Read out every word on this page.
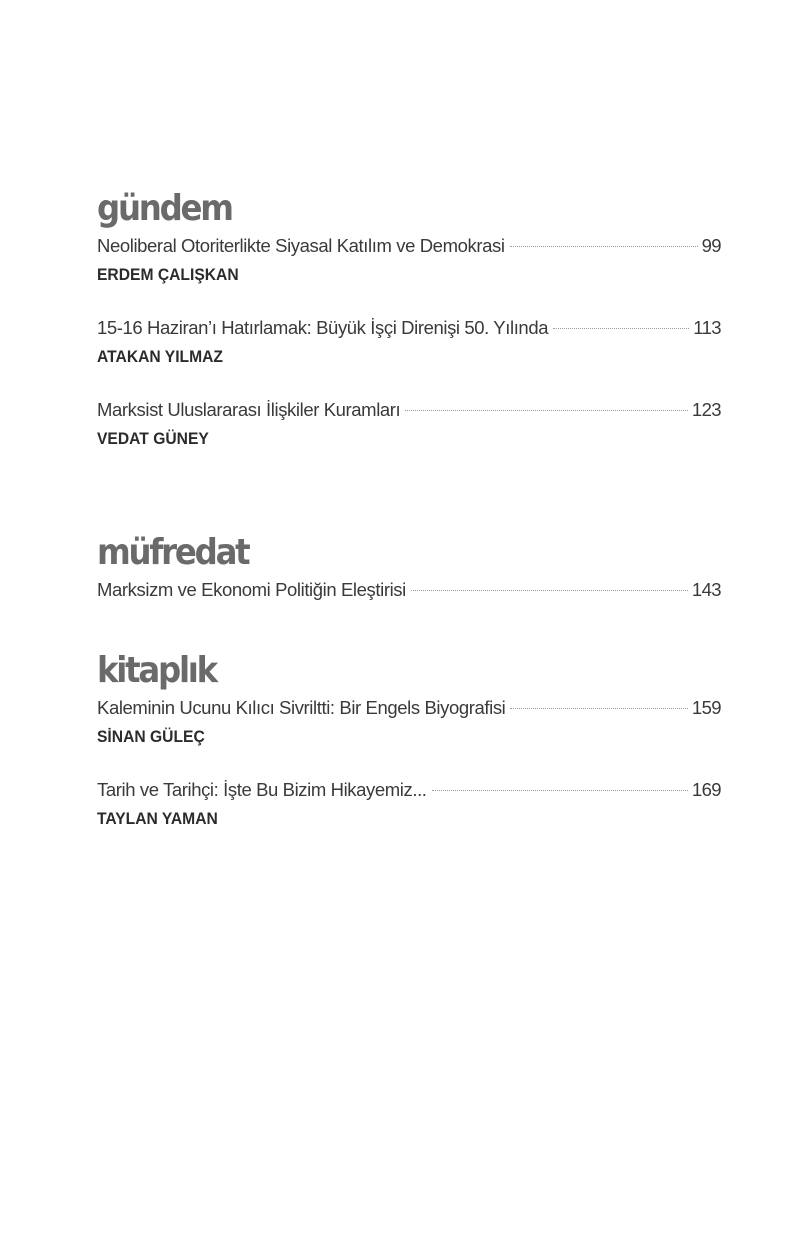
gündem
Neoliberal Otoriterlikte Siyasal Katılım ve Demokrasi	99
ERDEM ÇALIŞKAN
15-16 Haziran’ı Hatırlamak: Büyük İşçi Direnişi 50. Yılında	113
ATAKAN YILMAZ
Marksist Uluslararası İlişkiler Kuramları	123
VEDAT GÜNEY
müfredat
Marksizm ve Ekonomi Politiğin Eleştirisi	143
kitaplık
Kaleminin Ucunu Kılıcı Sivriltti: Bir Engels Biyografisi	159
SİNAN GÜLEÇ
Tarih ve Tarihçi: İşte Bu Bizim Hikayemiz...	169
TAYLAN YAMAN
